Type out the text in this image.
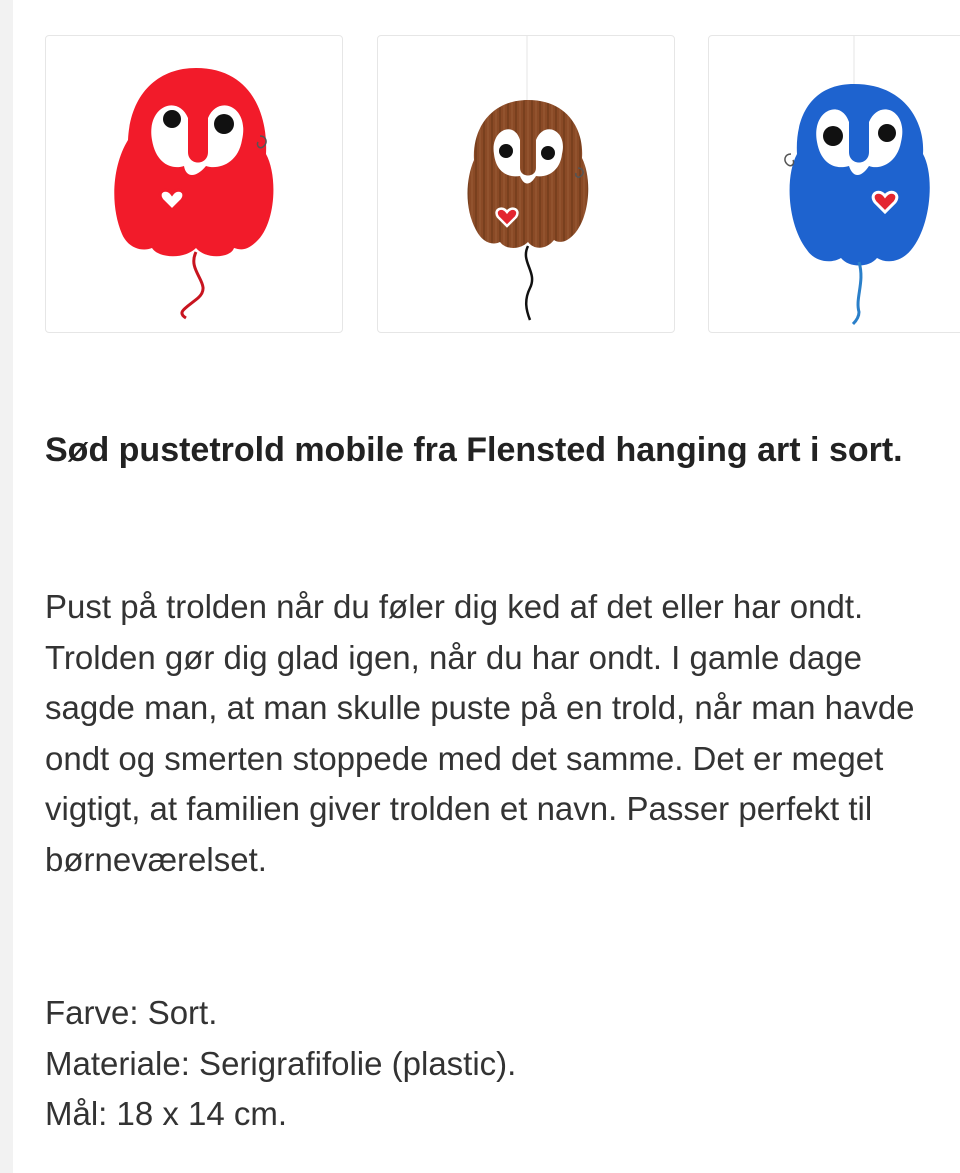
Sød pustetrold mobile fra Flensted hanging art i sort.

Pust på trolden når du føler dig ked af det eller har ondt. Trolden gør dig glad igen, når du har ondt. I gamle dage sagde man, at man skulle puste på en trold, når man havde ondt og smerten stoppede med det samme. Det er meget vigtigt, at familien giver trolden et navn. Passer perfekt til børneværelset.

Farve: Sort.
Materiale: Serigrafifolie (plastic).
Mål: 18 x 14 cm.
